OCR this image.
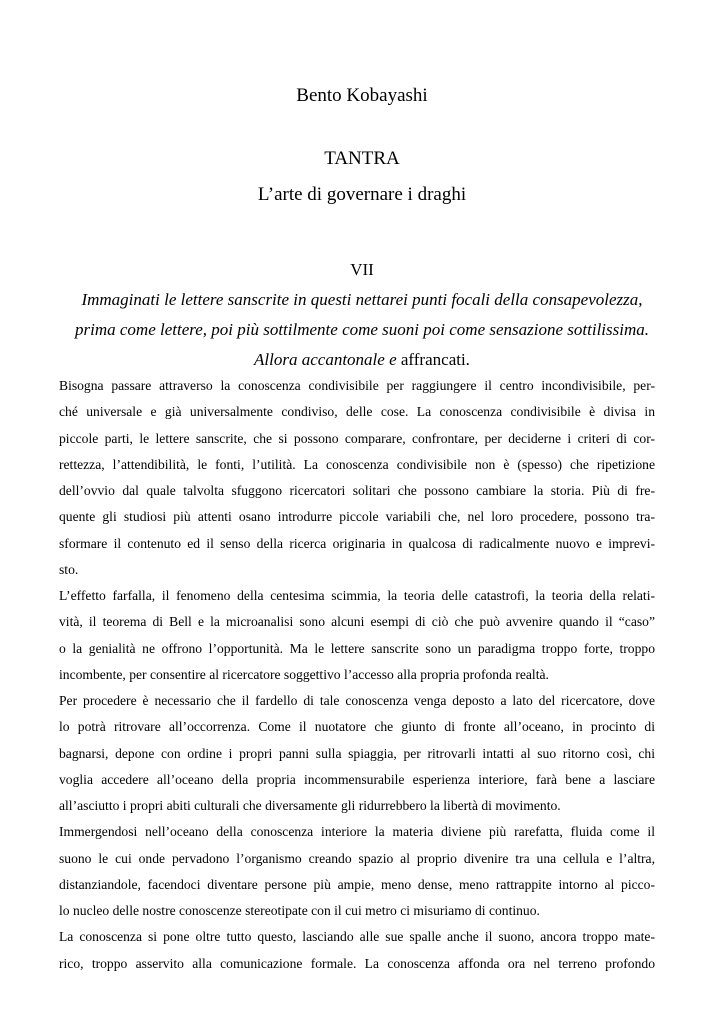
Bento Kobayashi
TANTRA
L’arte di governare i draghi
VII
Immaginati le lettere sanscrite in questi nettarei punti focali della consapevolezza,
prima come lettere, poi più sottilmente come suoni poi come sensazione sottilissima.
Allora accantonale e affrancati.
Bisogna passare attraverso la conoscenza condivisibile per raggiungere il centro incondivisibile, per-
ché universale e già universalmente condiviso, delle cose. La conoscenza condivisibile è divisa in
piccole parti, le lettere sanscrite, che si possono comparare, confrontare, per deciderne i criteri di cor-
rettezza, l’attendibilità, le fonti, l’utilità. La conoscenza condivisibile non è (spesso) che ripetizione
dell’ovvio dal quale talvolta sfuggono ricercatori solitari che possono cambiare la storia. Più di fre-
quente gli studiosi più attenti osano introdurre piccole variabili che, nel loro procedere, possono tra-
sformare il contenuto ed il senso della ricerca originaria in qualcosa di radicalmente nuovo e imprevi-
sto.
L’effetto farfalla, il fenomeno della centesima scimmia, la teoria delle catastrofi, la teoria della relati-
vità, il teorema di Bell e la microanalisi sono alcuni esempi di ciò che può avvenire quando il “caso”
o la genialità ne offrono l’opportunità. Ma le lettere sanscrite sono un paradigma troppo forte, troppo
incombente, per consentire al ricercatore soggettivo l’accesso alla propria profonda realtà.
Per procedere è necessario che il fardello di tale conoscenza venga deposto a lato del ricercatore, dove
lo potrà ritrovare all’occorrenza. Come il nuotatore che giunto di fronte all’oceano, in procinto di
bagnarsi, depone con ordine i propri panni sulla spiaggia, per ritrovarli intatti al suo ritorno così, chi
voglia accedere all’oceano della propria incommensurabile esperienza interiore, farà bene a lasciare
all’asciutto i propri abiti culturali che diversamente gli ridurrebbero la libertà di movimento.
Immergendosi nell’oceano della conoscenza interiore la materia diviene più rarefatta, fluida come il
suono le cui onde pervadono l’organismo creando spazio al proprio divenire tra una cellula e l’altra,
distanziandole, facendoci diventare persone più ampie, meno dense, meno rattrappite intorno al picco-
lo nucleo delle nostre conoscenze stereotipate con il cui metro ci misuriamo di continuo.
La conoscenza si pone oltre tutto questo, lasciando alle sue spalle anche il suono, ancora troppo mate-
rico, troppo asservito alla comunicazione formale. La conoscenza affonda ora nel terreno profondo
